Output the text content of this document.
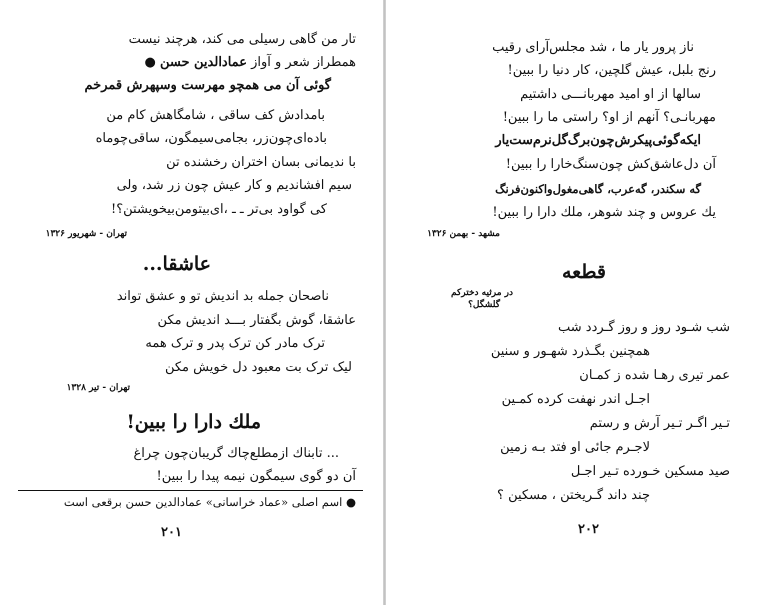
تار من گاهی رسیلی می کند، هرچند نیست
همطراز شعر و آواز عمادالدین حسن ●
گوئی آن می همچو مهرست وسپهرش قمرخم
بامدادش کف ساقی ، شامگاهش کام من
باده‌ای‌چون‌زر، بجامی‌سیمگون، ساقی‌چوماه
با ندیمانی بسان اختران رخشنده تن
سیم افشاندیم و کار عیش چون زر شد، ولی
کی گواود بی‌تر ـ ـ ،ای‌بیتومن‌بیخویشتن؟!
تهران - شهریور ۱۳۲۶
عاشقا...
ناصحان جمله بد اندیش تو و عشق تواند
عاشقا، گوش بگفتار بـــد اندیش مکن
ترک مادر کن ترک پدر و ترک همه
لیک ترک بت معبود دل خویش مکن
تهران - تیر ۱۳۲۸
ملك دارا را ببین!
... تابناك ازمطلع‌چاك گریبان‌چون چراغ
آن دو گوی سیمگون نیمه پیدا را ببین!
● اسم اصلی «عماد خراسانی» عمادالدین حسن برقعی است
۲۰۱
ناز پرور یار ما ، شد مجلس‌آرای رقیب
رنج بلبل، عیش گلچین، کار دنیا را ببین!
سالها از او امید مهربانـــی داشتیم
مهربانـی؟ آنهم از او؟ راستی ما را ببین!
ایکه‌گوئی‌پیکرش‌چون‌برگ‌گل‌نرم‌ست‌یار
آن دل‌عاشق‌کش چون‌سنگ‌خارا را ببین!
گه سکندر، گه‌عرب، گاهی‌مغول‌واکنون‌فرنگ
یك عروس و چند شوهر، ملك دارا را ببین!
مشهد - بهمن ۱۳۲۶
قطعه
در مرثیه دخترکم
گلشگل؟
شب شـود روز و روز گـردد شب
همچنین بگـذرد شهـور و سنین
عمر تیری رهـا شده ز کمـان
اجـل اندر نهفت کرده کمـین
تـیر اگـر تـیر آرش و رستم
لاجـرم جائی او فتد بـه زمین
صید مسکین خـورده تـیر اجـل
چند داند گـریختن ، مسکین ؟
۲۰۲
